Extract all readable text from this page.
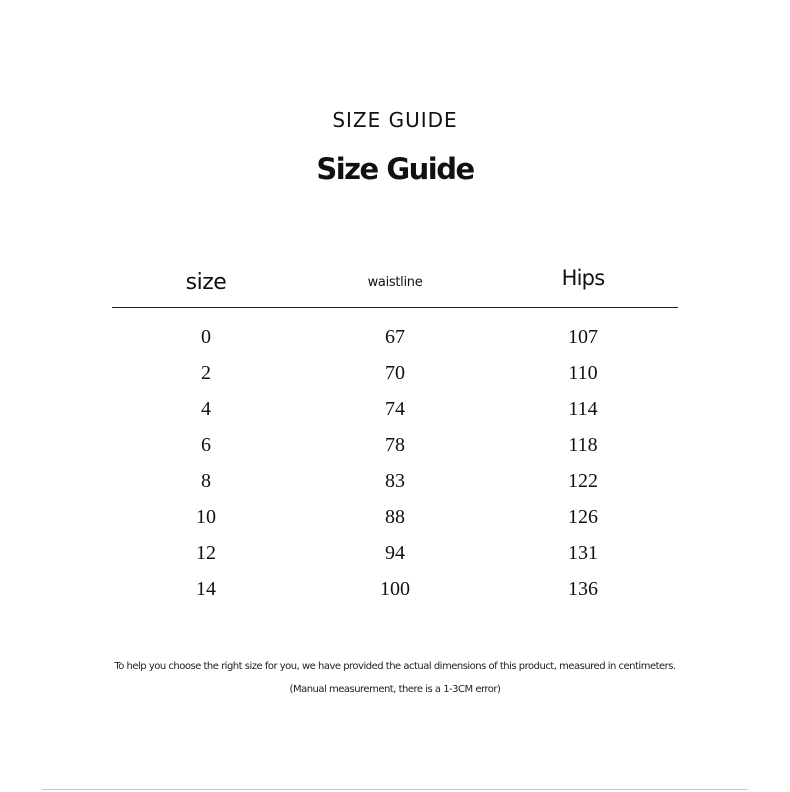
SIZE GUIDE
Size Guide
size	waistline	Hips
0	67	107
2	70	110
4	74	114
6	78	118
8	83	122
10	88	126
12	94	131
14	100	136
To help you choose the right size for you, we have provided the actual dimensions of this product, measured in centimeters.
(Manual measurement, there is a 1-3CM error)
